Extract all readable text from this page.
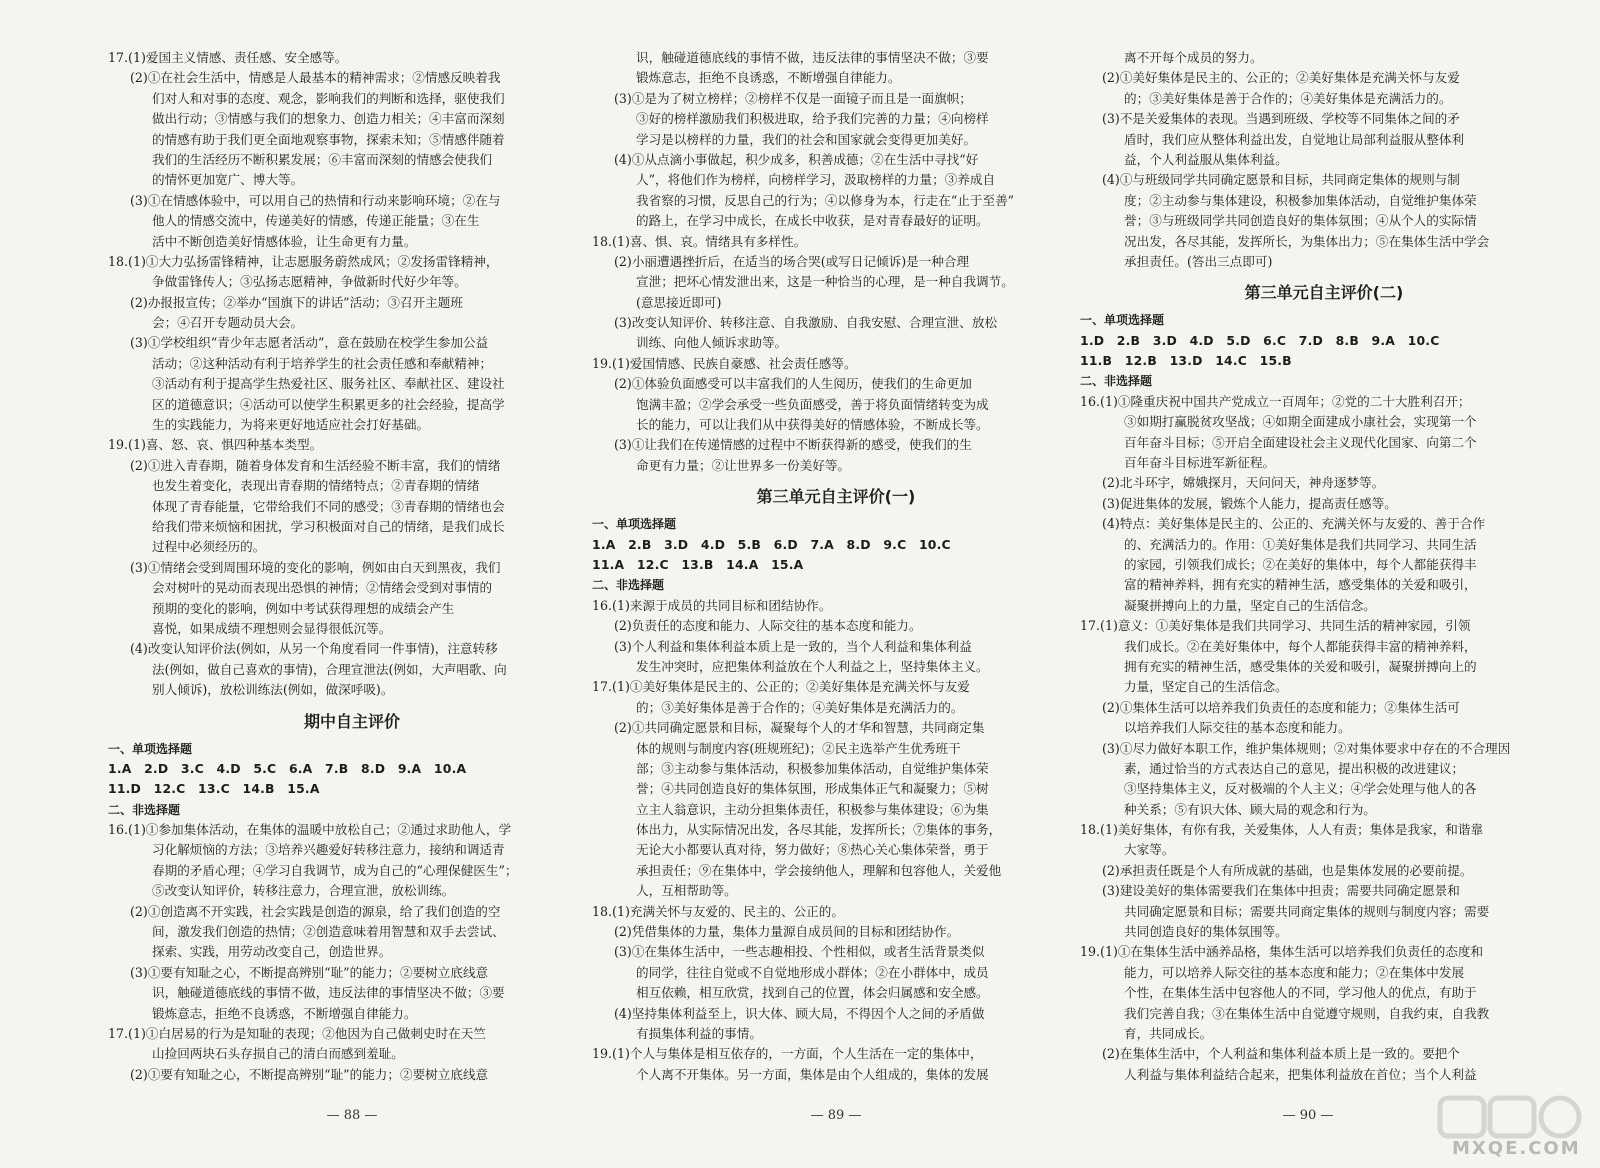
17.(1)爱国主义情感、责任感、安全感等。
(2)①在社会生活中，情感是人最基本的精神需求；②情感反映着我
们对人和对事的态度、观念，影响我们的判断和选择，驱使我们
做出行动；③情感与我们的想象力、创造力相关；④丰富而深刻
的情感有助于我们更全面地观察事物，探索未知；⑤情感伴随着
我们的生活经历不断积累发展；⑥丰富而深刻的情感会使我们
的情怀更加宽广、博大等。
(3)①在情感体验中，可以用自己的热情和行动来影响环境；②在与
他人的情感交流中，传递美好的情感，传递正能量；③在生
活中不断创造美好情感体验，让生命更有力量。
18.(1)①大力弘扬雷锋精神，让志愿服务蔚然成风；②发扬雷锋精神，
争做雷锋传人；③弘扬志愿精神，争做新时代好少年等。
(2)办报报宣传；②举办“国旗下的讲话”活动；③召开主题班
会；④召开专题动员大会。
(3)①学校组织“青少年志愿者活动”，意在鼓励在校学生参加公益
活动；②这种活动有利于培养学生的社会责任感和奉献精神；
③活动有利于提高学生热爱社区、服务社区、奉献社区、建设社
区的道德意识；④活动可以使学生积累更多的社会经验，提高学
生的实践能力，为将来更好地适应社会打好基础。
19.(1)喜、怒、哀、惧四种基本类型。
(2)①进入青春期，随着身体发育和生活经验不断丰富，我们的情绪
也发生着变化，表现出青春期的情绪特点；②青春期的情绪
体现了青春能量，它带给我们不同的感受；③青春期的情绪也会
给我们带来烦恼和困扰，学习积极面对自己的情绪，是我们成长
过程中必须经历的。
(3)①情绪会受到周围环境的变化的影响，例如由白天到黑夜，我们
会对树叶的晃动而表现出恐惧的神情；②情绪会受到对事情的
预期的变化的影响，例如中考试获得理想的成绩会产生
喜悦，如果成绩不理想则会显得很低沉等。
(4)改变认知评价法(例如，从另一个角度看同一件事情)，注意转移
法(例如，做自己喜欢的事情)，合理宣泄法(例如，大声唱歌、向
别人倾诉)，放松训练法(例如，做深呼吸)。
期中自主评价
一、单项选择题
1.A　2.D　3.C　4.D　5.C　6.A　7.B　8.D　9.A　10.A
11.D　12.C　13.C　14.B　15.A
二、非选择题
16.(1)①参加集体活动，在集体的温暖中放松自己；②通过求助他人，学
习化解烦恼的方法；③培养兴趣爱好转移注意力，接纳和调适青
春期的矛盾心理；④学习自我调节，成为自己的“心理保健医生”；
⑤改变认知评价，转移注意力，合理宣泄，放松训练。
(2)①创造离不开实践，社会实践是创造的源泉，给了我们创造的空
间，激发我们创造的热情；②创造意味着用智慧和双手去尝试、
探索、实践，用劳动改变自己，创造世界。
(3)①要有知耻之心，不断提高辨别“耻”的能力；②要树立底线意
识，触碰道德底线的事情不做，违反法律的事情坚决不做；③要
锻炼意志，拒绝不良诱惑，不断增强自律能力。
17.(1)①白居易的行为是知耻的表现；②他因为自己做刺史时在天竺
山捡回两块石头存损自己的清白而感到羞耻。
(2)①要有知耻之心，不断提高辨别“耻”的能力；②要树立底线意
识，触碰道德底线的事情不做，违反法律的事情坚决不做；③要
锻炼意志，拒绝不良诱惑，不断增强自律能力。
(3)①是为了树立榜样；②榜样不仅是一面镜子而且是一面旗帜；
③好的榜样激励我们积极进取，给予我们完善的力量；④向榜样
学习是以榜样的力量，我们的社会和国家就会变得更加美好。
(4)①从点滴小事做起，积少成多，积善成德；②在生活中寻找“好
人”，将他们作为榜样，向榜样学习，汲取榜样的力量；③养成自
我省察的习惯，反思自己的行为；④以修身为本，行走在“止于至善”
的路上，在学习中成长，在成长中收获，是对青春最好的证明。
18.(1)喜、惧、哀。情绪具有多样性。
(2)小丽遭遇挫折后，在适当的场合哭(或写日记倾诉)是一种合理
宣泄；把坏心情发泄出来，这是一种恰当的心理，是一种自我调节。
(意思接近即可)
(3)改变认知评价、转移注意、自我激励、自我安慰、合理宣泄、放松
训练、向他人倾诉求助等。
19.(1)爱国情感、民族自豪感、社会责任感等。
(2)①体验负面感受可以丰富我们的人生阅历，使我们的生命更加
饱满丰盈；②学会承受一些负面感受，善于将负面情绪转变为成
长的能力，可以让我们从中获得美好的情感体验，不断成长等。
(3)①让我们在传递情感的过程中不断获得新的感受，使我们的生
命更有力量；②让世界多一份美好等。
第三单元自主评价(一)
一、单项选择题
1.A　2.B　3.D　4.D　5.B　6.D　7.A　8.D　9.C　10.C
11.A　12.C　13.B　14.A　15.A
二、非选择题
16.(1)来源于成员的共同目标和团结协作。
(2)负责任的态度和能力、人际交往的基本态度和能力。
(3)个人利益和集体利益本质上是一致的，当个人利益和集体利益
发生冲突时，应把集体利益放在个人利益之上，坚持集体主义。
17.(1)①美好集体是民主的、公正的；②美好集体是充满关怀与友爱
的；③美好集体是善于合作的；④美好集体是充满活力的。
(2)①共同确定愿景和目标，凝聚每个人的才华和智慧，共同商定集
体的规则与制度内容(班规班纪)；②民主选举产生优秀班干
部；③主动参与集体活动，积极参加集体活动，自觉维护集体荣
誉；④共同创造良好的集体氛围，形成集体正气和凝聚力；⑤树
立主人翁意识，主动分担集体责任，积极参与集体建设；⑥为集
体出力，从实际情况出发，各尽其能，发挥所长；⑦集体的事务，
无论大小都要认真对待，努力做好；⑧热心关心集体荣誉，勇于
承担责任；⑨在集体中，学会接纳他人，理解和包容他人，关爱他
人，互相帮助等。
18.(1)充满关怀与友爱的、民主的、公正的。
(2)凭借集体的力量，集体力量源自成员间的目标和团结协作。
(3)①在集体生活中，一些志趣相投、个性相似，或者生活背景类似
的同学，往往自觉或不自觉地形成小群体；②在小群体中，成员
相互依赖，相互欣赏，找到自己的位置，体会归属感和安全感。
(4)坚持集体利益至上，识大体、顾大局，不得因个人之间的矛盾做
有损集体利益的事情。
19.(1)个人与集体是相互依存的，一方面，个人生活在一定的集体中，
个人离不开集体。另一方面，集体是由个人组成的，集体的发展
离不开每个成员的努力。
(2)①美好集体是民主的、公正的；②美好集体是充满关怀与友爱
的；③美好集体是善于合作的；④美好集体是充满活力的。
(3)不是关爱集体的表现。当遇到班级、学校等不同集体之间的矛
盾时，我们应从整体利益出发，自觉地让局部利益服从整体利
益，个人利益服从集体利益。
(4)①与班级同学共同确定愿景和目标，共同商定集体的规则与制
度；②主动参与集体建设，积极参加集体活动，自觉维护集体荣
誉；③与班级同学共同创造良好的集体氛围；④从个人的实际情
况出发，各尽其能，发挥所长，为集体出力；⑤在集体生活中学会
承担责任。(答出三点即可)
第三单元自主评价(二)
一、单项选择题
1.D　2.B　3.D　4.D　5.D　6.C　7.D　8.B　9.A　10.C
11.B　12.B　13.D　14.C　15.B
二、非选择题
16.(1)①隆重庆祝中国共产党成立一百周年；②党的二十大胜利召开；
③如期打赢脱贫攻坚战；④如期全面建成小康社会，实现第一个
百年奋斗目标；⑤开启全面建设社会主义现代化国家、向第二个
百年奋斗目标进军新征程。
(2)北斗环宇，嫦娥探月，天问问天，神舟逐梦等。
(3)促进集体的发展，锻炼个人能力，提高责任感等。
(4)特点：美好集体是民主的、公正的、充满关怀与友爱的、善于合作
的、充满活力的。作用：①美好集体是我们共同学习、共同生活
的家园，引领我们成长；②在美好的集体中，每个人都能获得丰
富的精神养料，拥有充实的精神生活，感受集体的关爱和吸引，
凝聚拼搏向上的力量，坚定自己的生活信念。
17.(1)意义：①美好集体是我们共同学习、共同生活的精神家园，引领
我们成长。②在美好集体中，每个人都能获得丰富的精神养料，
拥有充实的精神生活，感受集体的关爱和吸引，凝聚拼搏向上的
力量，坚定自己的生活信念。
(2)①集体生活可以培养我们负责任的态度和能力；②集体生活可
以培养我们人际交往的基本态度和能力。
(3)①尽力做好本职工作，维护集体规则；②对集体要求中存在的不合理因
素，通过恰当的方式表达自己的意见，提出积极的改进建议；
③坚持集体主义，反对极端的个人主义；④学会处理与他人的各
种关系；⑤有识大体、顾大局的观念和行为。
18.(1)美好集体，有你有我，关爱集体，人人有责；集体是我家，和谐靠
大家等。
(2)承担责任既是个人有所成就的基础，也是集体发展的必要前提。
(3)建设美好的集体需要我们在集体中担责；需要共同确定愿景和
共同确定愿景和目标；需要共同商定集体的规则与制度内容；需要
共同创造良好的集体氛围等。
19.(1)①在集体生活中涵养品格，集体生活可以培养我们负责任的态度和
能力，可以培养人际交往的基本态度和能力；②在集体中发展
个性，在集体生活中包容他人的不同，学习他人的优点，有助于
我们完善自我；③在集体生活中自觉遵守规则，自我约束，自我教
育，共同成长。
(2)在集体生活中，个人利益和集体利益本质上是一致的。要把个
人利益与集体利益结合起来，把集体利益放在首位；当个人利益
— 88 —	— 89 —	— 90 —
MXQE.COM
